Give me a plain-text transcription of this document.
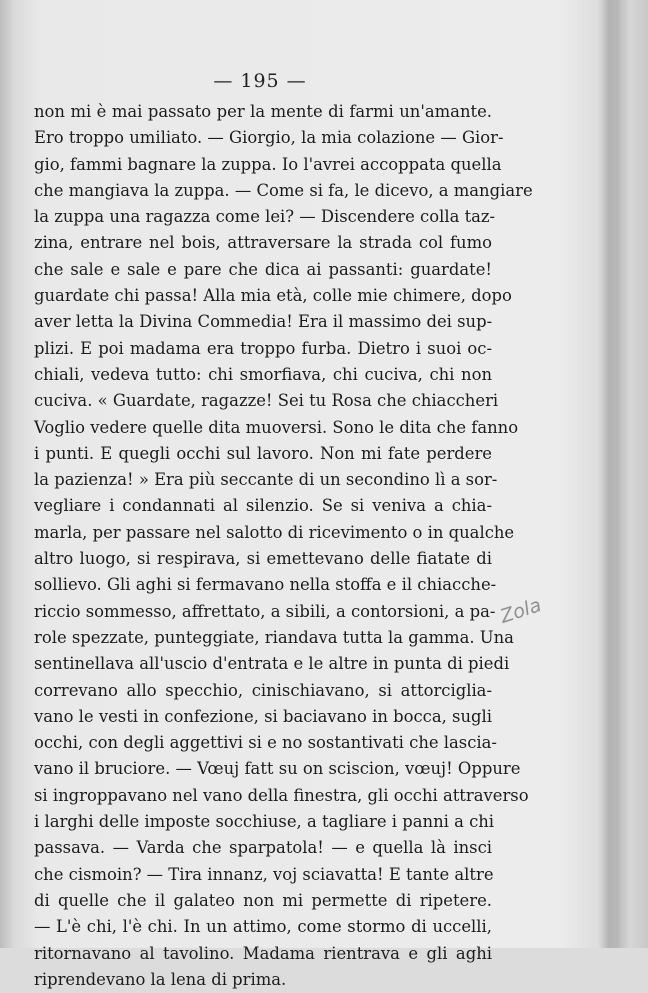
— 195 —
non mi è mai passato per la mente di farmi un'amante.
Ero troppo umiliato. — Giorgio, la mia colazione — Gior-
gio, fammi bagnare la zuppa. Io l'avrei accoppata quella
che mangiava la zuppa. — Come si fa, le dicevo, a mangiare
la zuppa una ragazza come lei? — Discendere colla taz-
zina, entrare nel bois, attraversare la strada col fumo
che sale e sale e pare che dica ai passanti: guardate!
guardate chi passa! Alla mia età, colle mie chimere, dopo
aver letta la Divina Commedia! Era il massimo dei sup-
plizi. E poi madama era troppo furba. Dietro i suoi oc-
chiali, vedeva tutto: chi smorfiava, chi cuciva, chi non
cuciva. « Guardate, ragazze! Sei tu Rosa che chiaccheri
Voglio vedere quelle dita muoversi. Sono le dita che fanno
i punti. E quegli occhi sul lavoro. Non mi fate perdere
la pazienza! » Era più seccante di un secondino lì a sor-
vegliare i condannati al silenzio. Se si veniva a chia-
marla, per passare nel salotto di ricevimento o in qualche
altro luogo, si respirava, si emettevano delle fiatate di
sollievo. Gli aghi si fermavano nella stoffa e il chiacche-
riccio sommesso, affrettato, a sibili, a contorsioni, a pa-
role spezzate, punteggiate, riandava tutta la gamma. Una
sentinellava all'uscio d'entrata e le altre in punta di piedi
correvano allo specchio, cinischiavano, si attorciglia-
vano le vesti in confezione, si baciavano in bocca, sugli
occhi, con degli aggettivi si e no sostantivati che lascia-
vano il bruciore. — Vœuj fatt su on sciscion, vœuj! Oppure
si ingroppavano nel vano della finestra, gli occhi attraverso
i larghi delle imposte socchiuse, a tagliare i panni a chi
passava. — Varda che sparpatola! — e quella là insci
che cismoin? — Tira innanz, voj sciavatta! E tante altre
di quelle che il galateo non mi permette di ripetere.
— L'è chi, l'è chi. In un attimo, come stormo di uccelli,
ritornavano al tavolino. Madama rientrava e gli aghi
riprendevano la lena di prima.
Zola
